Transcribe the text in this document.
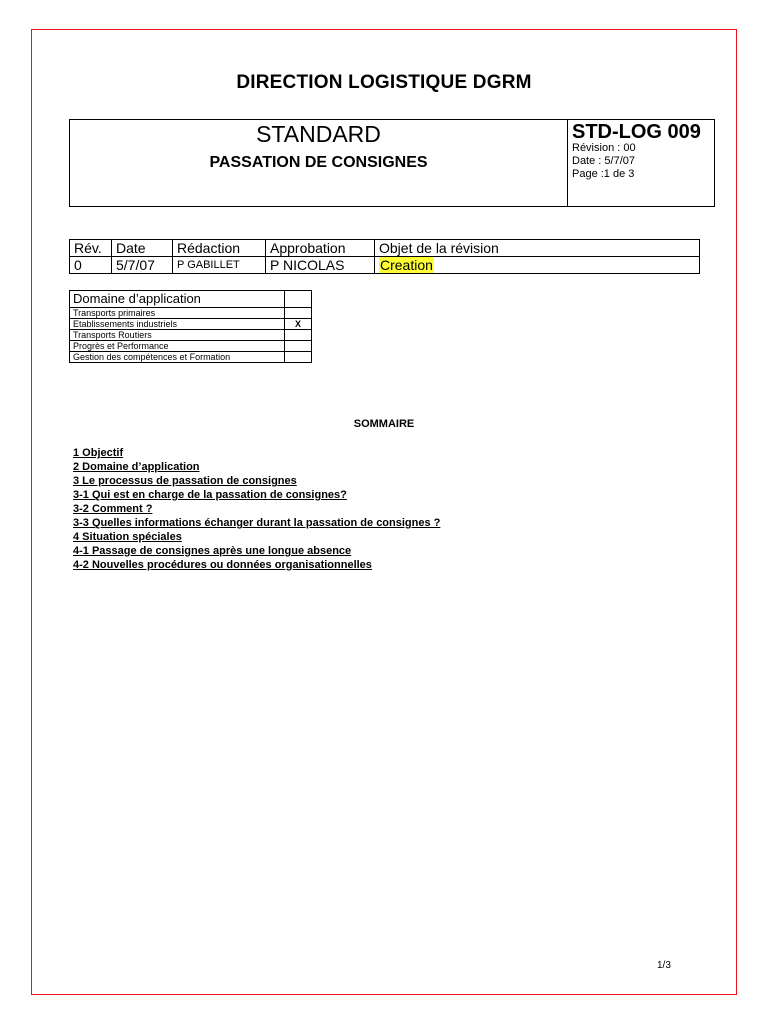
DIRECTION LOGISTIQUE DGRM
STANDARD
PASSATION DE CONSIGNES
STD-LOG 009
Révision : 00
Date : 5/7/07
Page :1 de 3
Rév.	Date	Rédaction	Approbation	Objet de la révision
0	5/7/07	P GABILLET	P NICOLAS	Creation
Domaine d’application	
Transports primaires	
Etablissements industriels	X
Transports Routiers	
Progrès et Performance	
Gestion des compétences et Formation	
SOMMAIRE
1 Objectif
2 Domaine d’application
3 Le processus de passation de consignes
3-1 Qui est en charge de la passation de consignes?
3-2 Comment ?
3-3 Quelles informations échanger durant la passation de consignes ?
4 Situation spéciales
4-1 Passage de consignes après une longue absence
4-2 Nouvelles procédures ou données organisationnelles
1/3
